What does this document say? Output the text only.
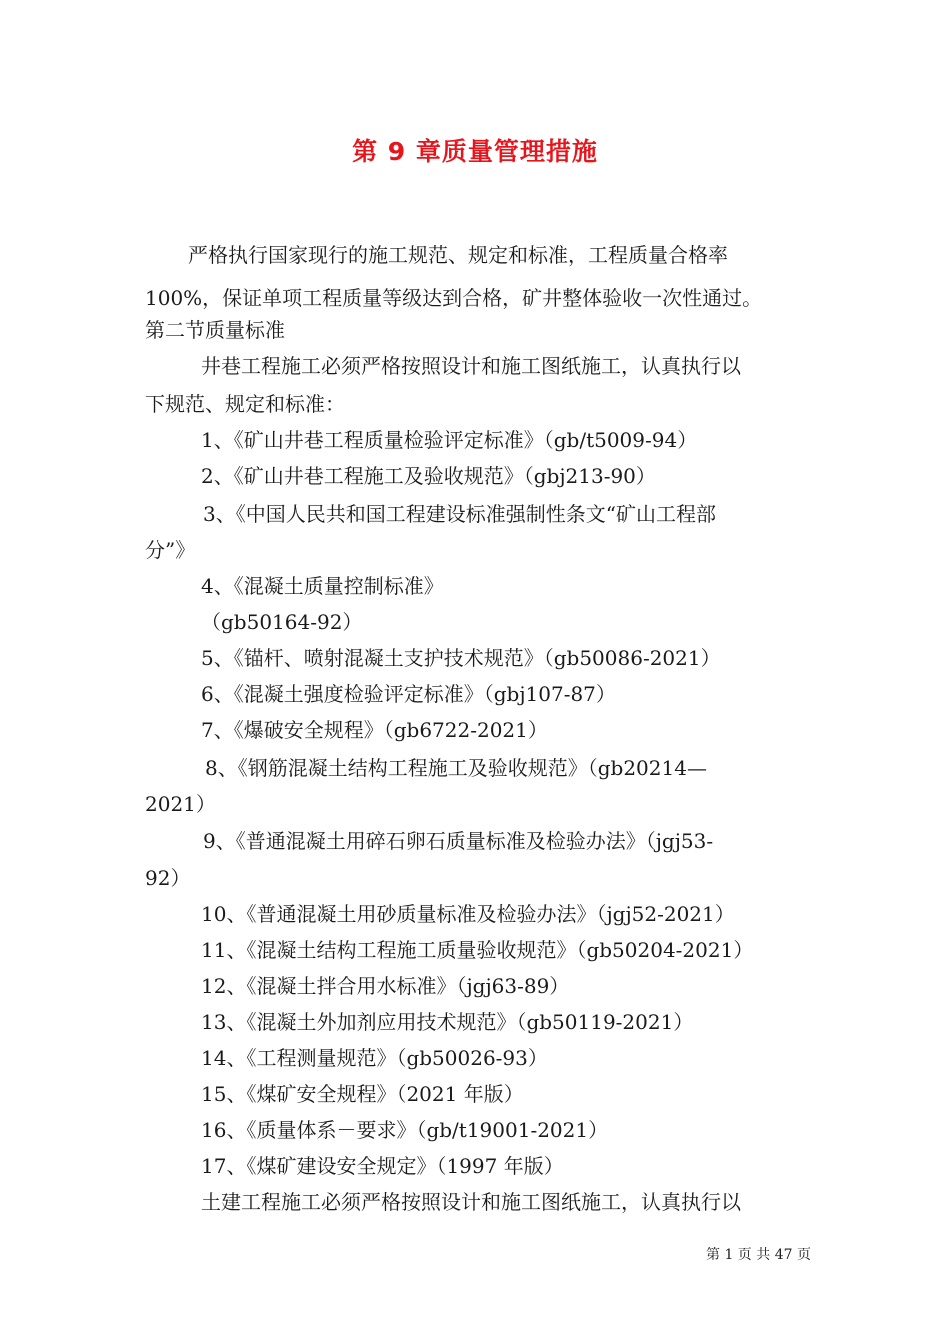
第 9 章质量管理措施

严格执行国家现行的施工规范、规定和标准，工程质量合格率

100%，保证单项工程质量等级达到合格，矿井整体验收一次性通过。

第二节质量标准

井巷工程施工必须严格按照设计和施工图纸施工，认真执行以

下规范、规定和标准：

1、《矿山井巷工程质量检验评定标准》（gb/t5009-94）

2、《矿山井巷工程施工及验收规范》（gbj213-90）

3、《中国人民共和国工程建设标准强制性条文“矿山工程部

分”》

4、《混凝土质量控制标准》

（gb50164-92）

5、《锚杆、喷射混凝土支护技术规范》（gb50086-2021）

6、《混凝土强度检验评定标准》（gbj107-87）

7、《爆破安全规程》（gb6722-2021）

8、《钢筋混凝土结构工程施工及验收规范》（gb20214—

2021）

9、《普通混凝土用碎石卵石质量标准及检验办法》（jgj53-

92）

10、《普通混凝土用砂质量标准及检验办法》（jgj52-2021）

11、《混凝土结构工程施工质量验收规范》（gb50204-2021）

12、《混凝土拌合用水标准》（jgj63-89）

13、《混凝土外加剂应用技术规范》（gb50119-2021）

14、《工程测量规范》（gb50026-93）

15、《煤矿安全规程》（2021 年版）

16、《质量体系－要求》（gb/t19001-2021）

17、《煤矿建设安全规定》（1997 年版）

土建工程施工必须严格按照设计和施工图纸施工，认真执行以

第 1 页 共 47 页
